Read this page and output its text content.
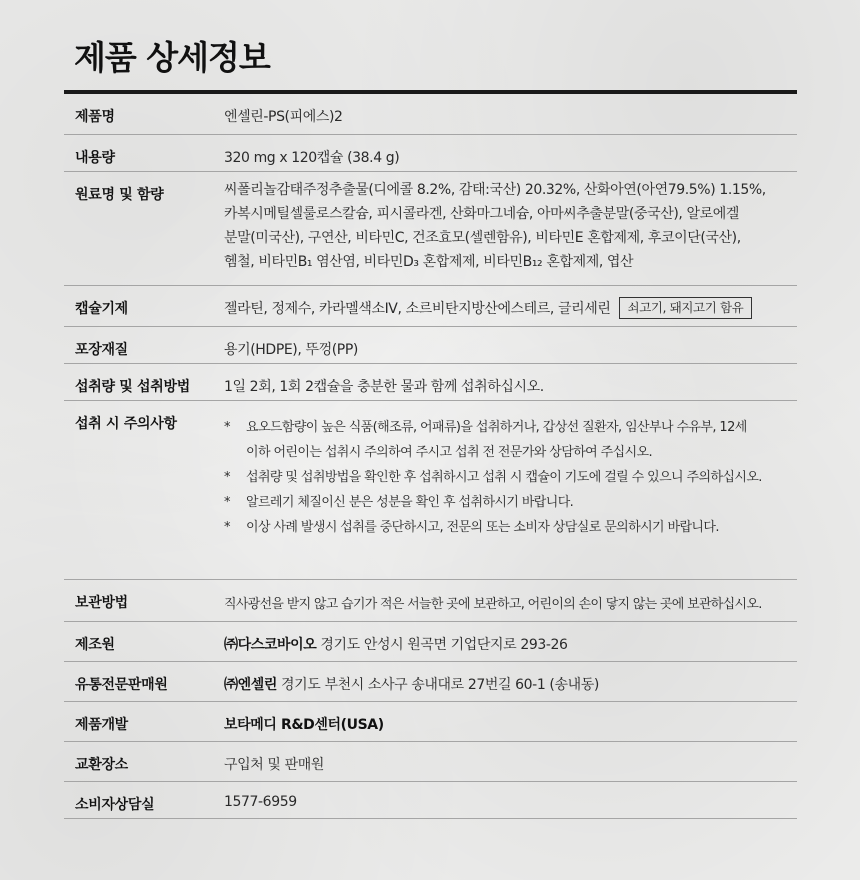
제품 상세정보
제품명	엔셀린-PS(피에스)2
내용량	320 mg x 120캡슐 (38.4 g)
원료명 및 함량	씨폴리놀감태주정추출물(디에콜 8.2%, 감태:국산) 20.32%, 산화아연(아연79.5%) 1.15%,
카복시메틸셀룰로스칼슘, 피시콜라겐, 산화마그네슘, 아마씨추출분말(중국산), 알로에겔
분말(미국산), 구연산, 비타민C, 건조효모(셀렌함유), 비타민E 혼합제제, 후코이단(국산),
헴철, 비타민B₁ 염산염, 비타민D₃ 혼합제제, 비타민B₁₂ 혼합제제, 엽산
캡슐기제	젤라틴, 정제수, 카라멜색소IV, 소르비탄지방산에스테르, 글리세린 쇠고기, 돼지고기 함유
포장재질	용기(HDPE), 뚜껑(PP)
섭취량 및 섭취방법	1일 2회, 1회 2캡슐을 충분한 물과 함께 섭취하십시오.
섭취 시 주의사항	* 요오드함량이 높은 식품(해조류, 어패류)을 섭취하거나, 갑상선 질환자, 임산부나 수유부, 12세
이하 어린이는 섭취시 주의하여 주시고 섭취 전 전문가와 상담하여 주십시오.
* 섭취량 및 섭취방법을 확인한 후 섭취하시고 섭취 시 캡슐이 기도에 걸릴 수 있으니 주의하십시오.
* 알르레기 체질이신 분은 성분을 확인 후 섭취하시기 바랍니다.
* 이상 사례 발생시 섭취를 중단하시고, 전문의 또는 소비자 상담실로 문의하시기 바랍니다.
보관방법	직사광선을 받지 않고 습기가 적은 서늘한 곳에 보관하고, 어린이의 손이 닿지 않는 곳에 보관하십시오.
제조원	㈜다스코바이오 경기도 안성시 원곡면 기업단지로 293-26
유통전문판매원	㈜엔셀린 경기도 부천시 소사구 송내대로 27번길 60-1 (송내동)
제품개발	보타메디 R&D센터(USA)
교환장소	구입처 및 판매원
소비자상담실	1577-6959
